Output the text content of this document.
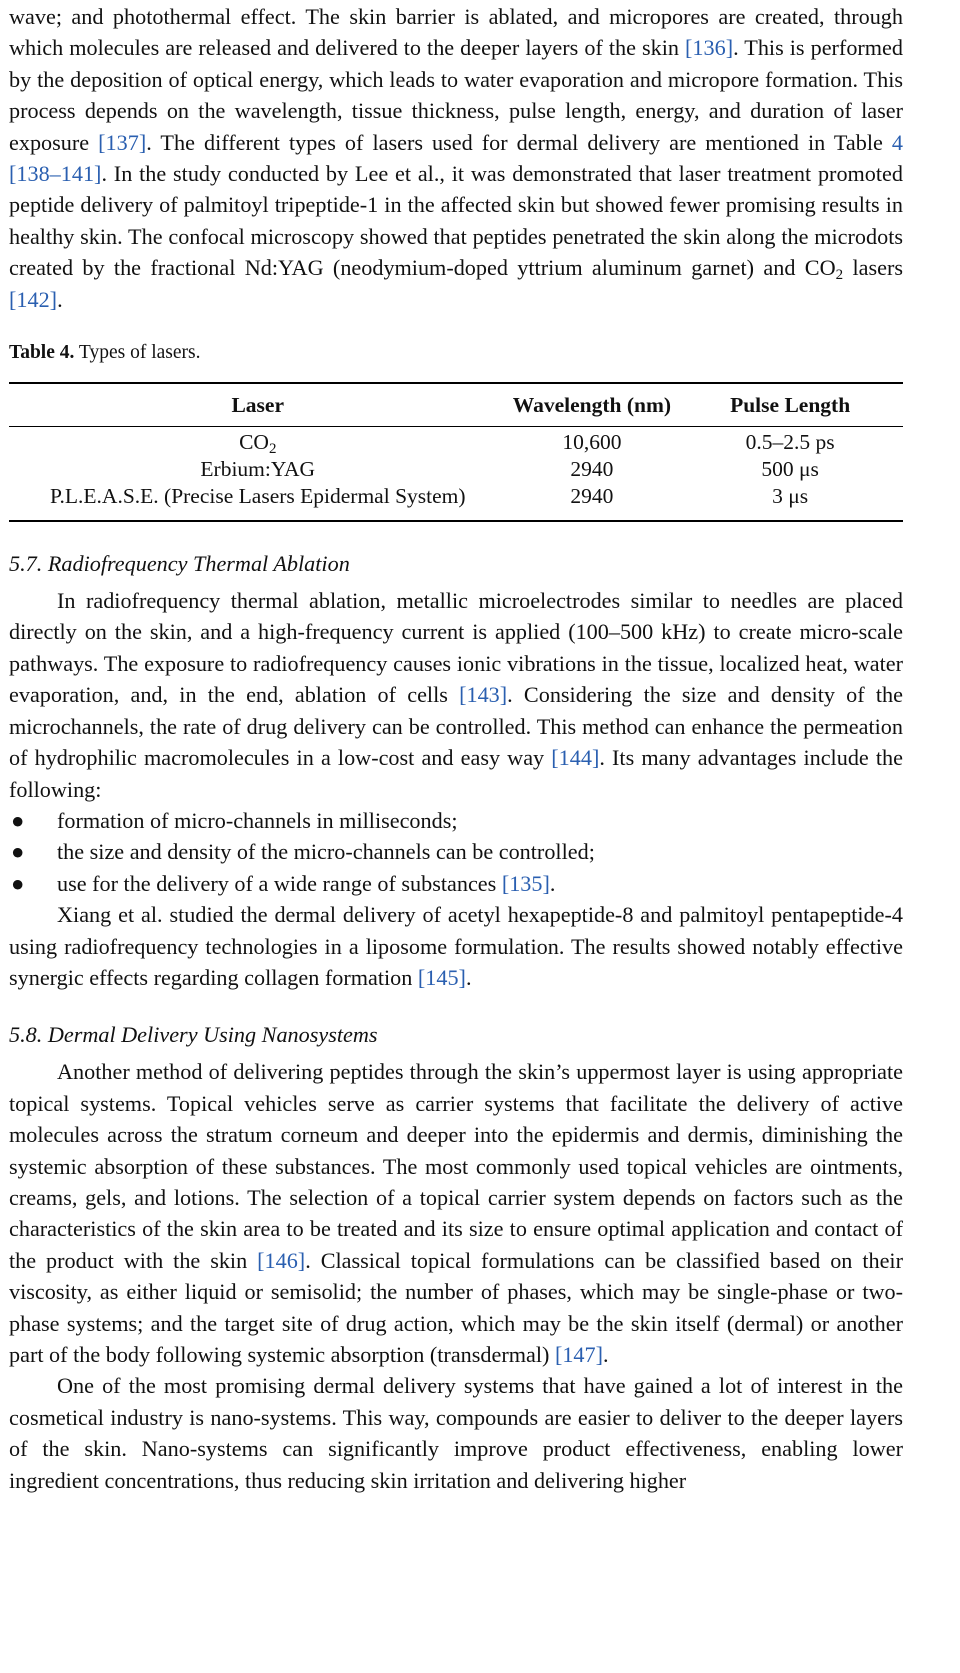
wave; and photothermal effect. The skin barrier is ablated, and micropores are created, through which molecules are released and delivered to the deeper layers of the skin [136]. This is performed by the deposition of optical energy, which leads to water evaporation and micropore formation. This process depends on the wavelength, tissue thickness, pulse length, energy, and duration of laser exposure [137]. The different types of lasers used for dermal delivery are mentioned in Table 4 [138–141]. In the study conducted by Lee et al., it was demonstrated that laser treatment promoted peptide delivery of palmitoyl tripeptide-1 in the affected skin but showed fewer promising results in healthy skin. The confocal microscopy showed that peptides penetrated the skin along the microdots created by the fractional Nd:YAG (neodymium-doped yttrium aluminum garnet) and $CO_2$ lasers [142].

Table 4. Types of lasers.
Laser	Wavelength (nm)	Pulse Length
$CO_2$	10,600	0.5–2.5 ps
Erbium:YAG	2940	500 μs
P.L.E.A.S.E. (Precise Lasers Epidermal System)	2940	3 μs
5.7. Radiofrequency Thermal Ablation

In radiofrequency thermal ablation, metallic microelectrodes similar to needles are placed directly on the skin, and a high-frequency current is applied (100–500 kHz) to create micro-scale pathways. The exposure to radiofrequency causes ionic vibrations in the tissue, localized heat, water evaporation, and, in the end, ablation of cells [143]. Considering the size and density of the microchannels, the rate of drug delivery can be controlled. This method can enhance the permeation of hydrophilic macromolecules in a low-cost and easy way [144]. Its many advantages include the following:

● formation of micro-channels in milliseconds;
● the size and density of the micro-channels can be controlled;
● use for the delivery of a wide range of substances [135].

Xiang et al. studied the dermal delivery of acetyl hexapeptide-8 and palmitoyl pentapeptide-4 using radiofrequency technologies in a liposome formulation. The results showed notably effective synergic effects regarding collagen formation [145].

5.8. Dermal Delivery Using Nanosystems

Another method of delivering peptides through the skin’s uppermost layer is using appropriate topical systems. Topical vehicles serve as carrier systems that facilitate the delivery of active molecules across the stratum corneum and deeper into the epidermis and dermis, diminishing the systemic absorption of these substances. The most commonly used topical vehicles are ointments, creams, gels, and lotions. The selection of a topical carrier system depends on factors such as the characteristics of the skin area to be treated and its size to ensure optimal application and contact of the product with the skin [146]. Classical topical formulations can be classified based on their viscosity, as either liquid or semisolid; the number of phases, which may be single-phase or two-phase systems; and the target site of drug action, which may be the skin itself (dermal) or another part of the body following systemic absorption (transdermal) [147].

One of the most promising dermal delivery systems that have gained a lot of interest in the cosmetical industry is nano-systems. This way, compounds are easier to deliver to the deeper layers of the skin. Nano-systems can significantly improve product effectiveness, enabling lower ingredient concentrations, thus reducing skin irritation and delivering higher
